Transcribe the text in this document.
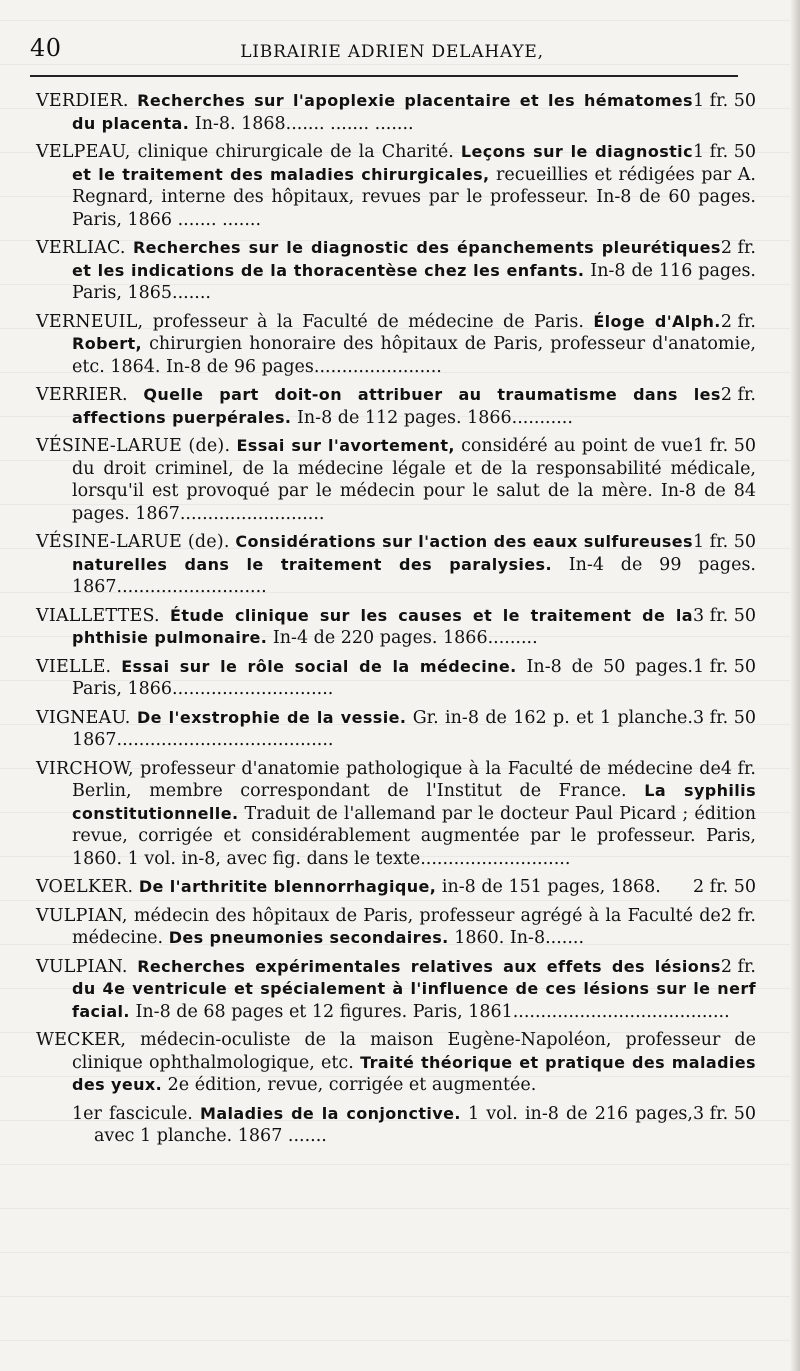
40	LIBRAIRIE ADRIEN DELAHAYE,

1 fr. 50
VERDIER. Recherches sur l'apoplexie placentaire et les hématomes du placenta. In-8. 1868....... ....... .......

1 fr. 50
VELPEAU, clinique chirurgicale de la Charité. Leçons sur le diagnostic et le traitement des maladies chirurgicales, recueillies et rédigées par A. Regnard, interne des hôpitaux, revues par le professeur. In-8 de 60 pages. Paris, 1866 ....... .......

2 fr.
VERLIAC. Recherches sur le diagnostic des épanchements pleurétiques et les indications de la thoracentèse chez les enfants. In-8 de 116 pages. Paris, 1865.......

2 fr.
VERNEUIL, professeur à la Faculté de médecine de Paris. Éloge d'Alph. Robert, chirurgien honoraire des hôpitaux de Paris, professeur d'anatomie, etc. 1864. In-8 de 96 pages.......................

2 fr.
VERRIER. Quelle part doit-on attribuer au traumatisme dans les affections puerpérales. In-8 de 112 pages. 1866...........

1 fr. 50
VÉSINE-LARUE (de). Essai sur l'avortement, considéré au point de vue du droit criminel, de la médecine légale et de la responsabilité médicale, lorsqu'il est provoqué par le médecin pour le salut de la mère. In-8 de 84 pages. 1867..........................

1 fr. 50
VÉSINE-LARUE (de). Considérations sur l'action des eaux sulfureuses naturelles dans le traitement des paralysies. In-4 de 99 pages. 1867...........................

3 fr. 50
VIALLETTES. Étude clinique sur les causes et le traitement de la phthisie pulmonaire. In-4 de 220 pages. 1866.........

1 fr. 50
VIELLE. Essai sur le rôle social de la médecine. In-8 de 50 pages. Paris, 1866.............................

3 fr. 50
VIGNEAU. De l'exstrophie de la vessie. Gr. in-8 de 162 p. et 1 planche. 1867.......................................

4 fr.
VIRCHOW, professeur d'anatomie pathologique à la Faculté de médecine de Berlin, membre correspondant de l'Institut de France. La syphilis constitutionnelle. Traduit de l'allemand par le docteur Paul Picard ; édition revue, corrigée et considérablement augmentée par le professeur. Paris, 1860. 1 vol. in-8, avec fig. dans le texte...........................

2 fr. 50
VOELKER. De l'arthritite blennorrhagique, in-8 de 151 pages, 1868.

2 fr.
VULPIAN, médecin des hôpitaux de Paris, professeur agrégé à la Faculté de médecine. Des pneumonies secondaires. 1860. In-8.......

2 fr.
VULPIAN. Recherches expérimentales relatives aux effets des lésions du 4e ventricule et spécialement à l'influence de ces lésions sur le nerf facial. In-8 de 68 pages et 12 figures. Paris, 1861.......................................

WECKER, médecin-oculiste de la maison Eugène-Napoléon, professeur de clinique ophthalmologique, etc. Traité théorique et pratique des maladies des yeux. 2e édition, revue, corrigée et augmentée.

3 fr. 50
1er fascicule. Maladies de la conjonctive. 1 vol. in-8 de 216 pages, avec 1 planche. 1867 .......
